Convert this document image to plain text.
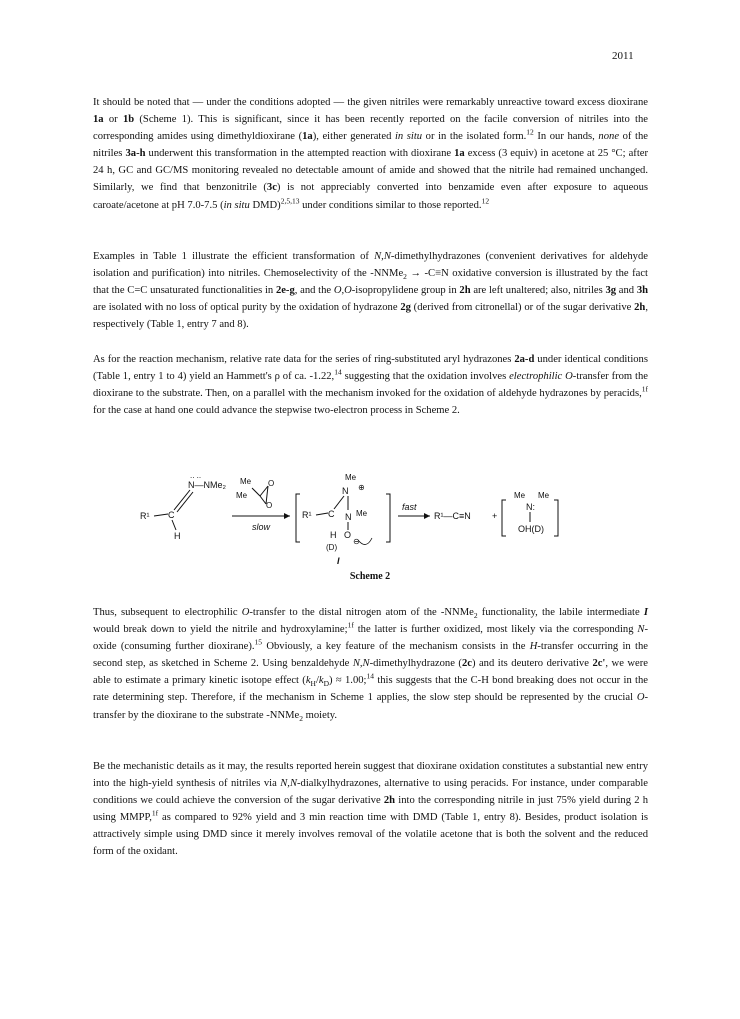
2011

It should be noted that — under the conditions adopted — the given nitriles were remarkably unreactive toward excess dioxirane 1a or 1b (Scheme 1). This is significant, since it has been recently reported on the facile conversion of nitriles into the corresponding amides using dimethyldioxirane (1a), either generated in situ or in the isolated form.$^{12}$ In our hands, none of the nitriles 3a-h underwent this transformation in the attempted reaction with dioxirane 1a excess (3 equiv) in acetone at 25 °C; after 24 h, GC and GC/MS monitoring revealed no detectable amount of amide and showed that the nitrile had remained unchanged. Similarly, we find that benzonitrile (3c) is not appreciably converted into benzamide even after exposure to aqueous caroate/acetone at pH 7.0-7.5 (in situ DMD)$^{2,5,13}$ under conditions similar to those reported.$^{12}$

Examples in Table 1 illustrate the efficient transformation of N,N-dimethylhydrazones (convenient derivatives for aldehyde isolation and purification) into nitriles. Chemoselectivity of the -NNMe$_2$ → -C≡N oxidative conversion is illustrated by the fact that the C=C unsaturated functionalities in 2e-g, and the O,O-isopropylidene group in 2h are left unaltered; also, nitriles 3g and 3h are isolated with no loss of optical purity by the oxidation of hydrazone 2g (derived from citronellal) or of the sugar derivative 2h, respectively (Table 1, entry 7 and 8).

As for the reaction mechanism, relative rate data for the series of ring-substituted aryl hydrazones 2a-d under identical conditions (Table 1, entry 1 to 4) yield an Hammett's ρ of ca. -1.22,14 suggesting that the oxidation involves electrophilic O-transfer from the dioxirane to the substrate. Then, on a parallel with the mechanism invoked for the oxidation of aldehyde hydrazones by peracids,$^{1f}$ for the case at hand one could advance the stepwise two-electron process in Scheme 2.

R¹ C
H
N—NMe₂
.. ..
Me
Me
O
O
slow
R¹ C
N
Me
⊕
N Me
O
⊖
H
(D)
I
fast
R¹—C≡N +
Me Me
N:
OH(D)
Scheme 2

Thus, subsequent to electrophilic O-transfer to the distal nitrogen atom of the -NNMe$_2$ functionality, the labile intermediate I would break down to yield the nitrile and hydroxylamine;$^{1f}$ the latter is further oxidized, most likely via the corresponding N-oxide (consuming further dioxirane).$^{15}$ Obviously, a key feature of the mechanism consists in the H-transfer occurring in the second step, as sketched in Scheme 2. Using benzaldehyde N,N-dimethylhydrazone (2c) and its deutero derivative 2c', we were able to estimate a primary kinetic isotope effect $(k_H/k_D)$ ≈ 1.00;$^{14}$ this suggests that the C-H bond breaking does not occur in the rate determining step. Therefore, if the mechanism in Scheme 1 applies, the slow step should be represented by the crucial O-transfer by the dioxirane to the substrate -NNMe$_2$ moiety.

Be the mechanistic details as it may, the results reported herein suggest that dioxirane oxidation constitutes a substantial new entry into the high-yield synthesis of nitriles via N,N-dialkylhydrazones, alternative to using peracids. For instance, under comparable conditions we could achieve the conversion of the sugar derivative 2h into the corresponding nitrile in just 75% yield during 2 h using MMPP,$^{1f}$ as compared to 92% yield and 3 min reaction time with DMD (Table 1, entry 8). Besides, product isolation is attractively simple using DMD since it merely involves removal of the volatile acetone that is both the solvent and the reduced form of the oxidant.
